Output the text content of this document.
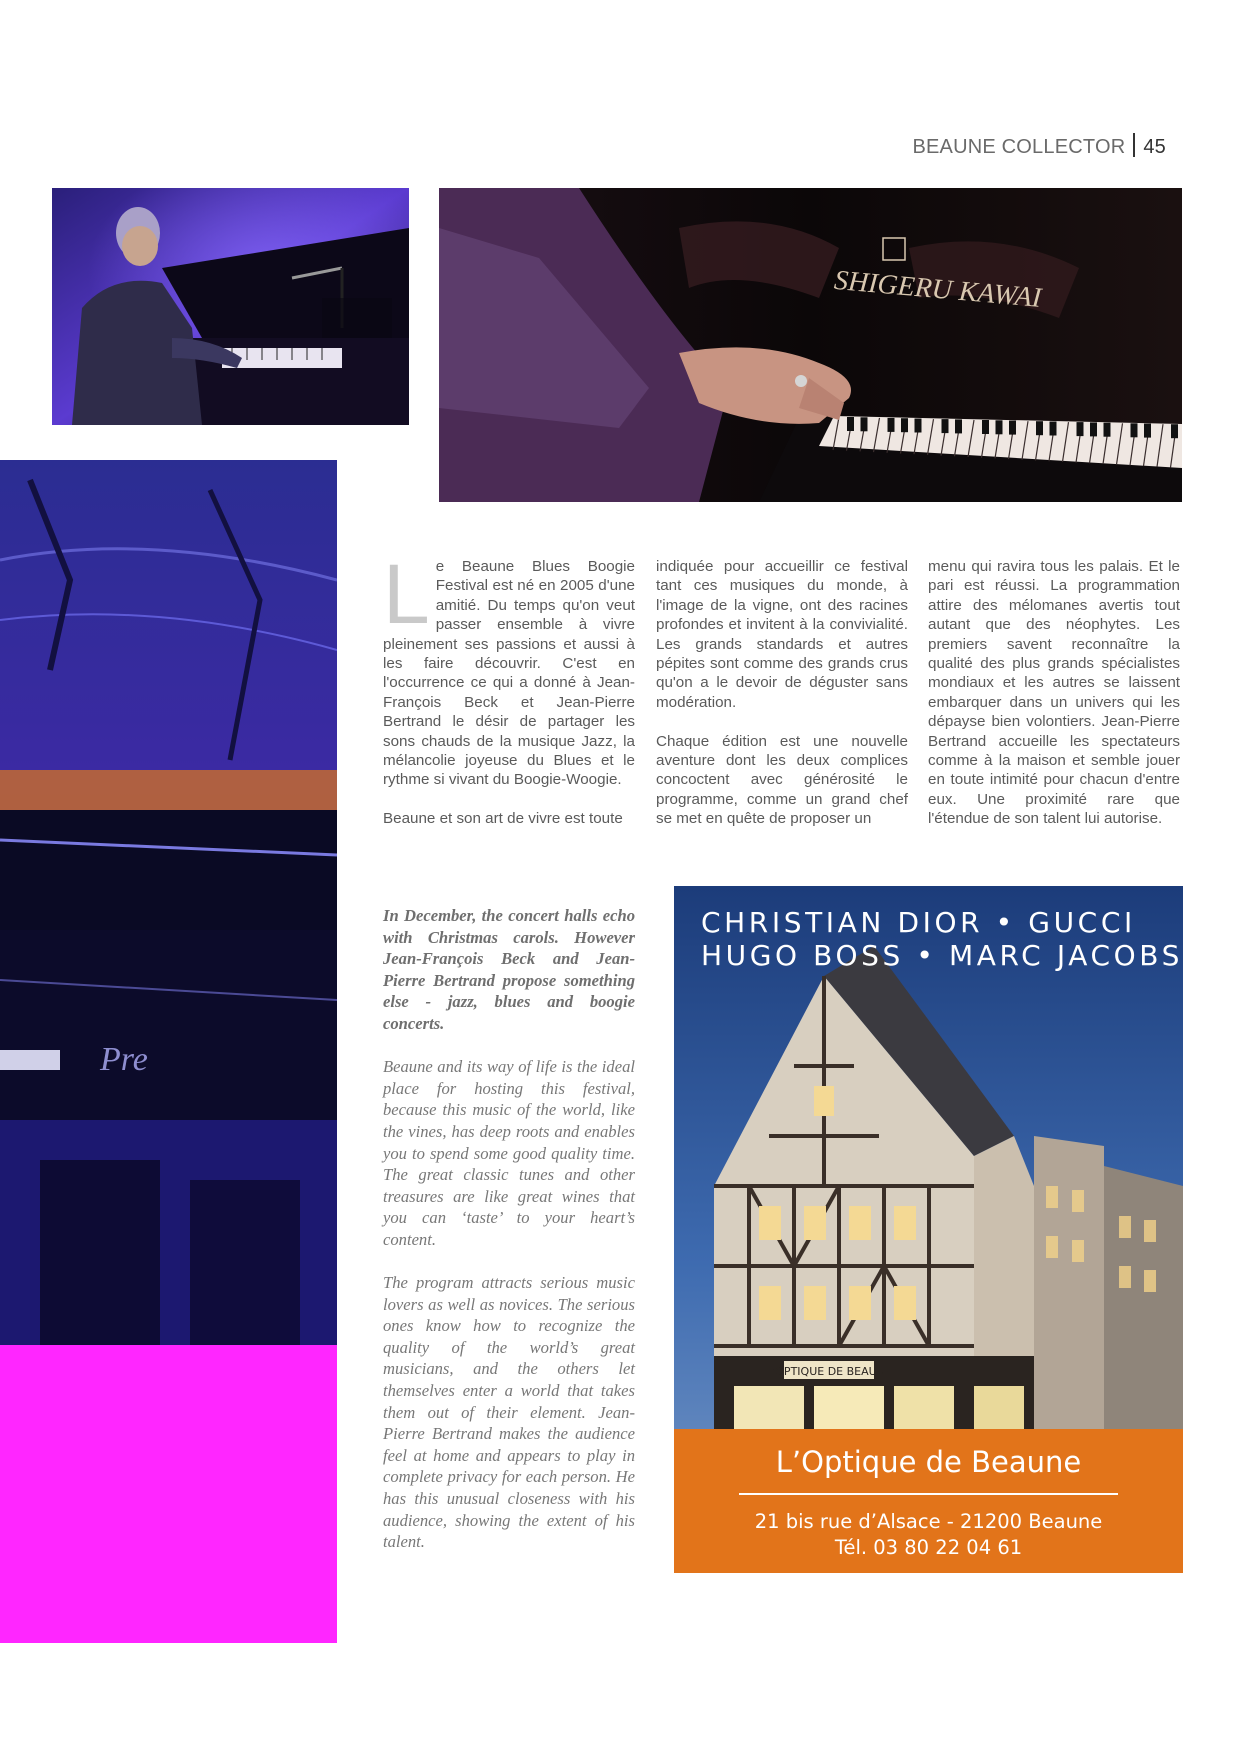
BEAUNE COLLECTOR 45
SHIGERU KAWAI
Pre

Le Beaune Blues Boogie Festival est né en 2005 d'une amitié. Du temps qu'on veut passer ensemble à vivre pleinement ses passions et aussi à les faire découvrir. C'est en l'occurrence ce qui a donné à Jean-François Beck et Jean-Pierre Bertrand le désir de partager les sons chauds de la musique Jazz, la mélancolie joyeuse du Blues et le rythme si vivant du Boogie-Woogie.

Beaune et son art de vivre est toute

indiquée pour accueillir ce festival tant ces musiques du monde, à l'image de la vigne, ont des racines profondes et invitent à la convivialité. Les grands standards et autres pépites sont comme des grands crus qu'on a le devoir de déguster sans modération.

Chaque édition est une nouvelle aventure dont les deux complices concoctent avec générosité le programme, comme un grand chef se met en quête de proposer un

menu qui ravira tous les palais. Et le pari est réussi. La programmation attire des mélomanes avertis tout autant que des néophytes. Les premiers savent reconnaître la qualité des plus grands spécialistes mondiaux et les autres se laissent embarquer dans un univers qui les dépayse bien volontiers. Jean-Pierre Bertrand accueille les spectateurs comme à la maison et semble jouer en toute intimité pour chacun d'entre eux. Une proximité rare que l'étendue de son talent lui autorise.

In December, the concert halls echo with Christmas carols. However Jean-François Beck and Jean-Pierre Bertrand propose something else - jazz, blues and boogie concerts.

Beaune and its way of life is the ideal place for hosting this festival, because this music of the world, like the vines, has deep roots and enables you to spend some good quality time. The great classic tunes and other treasures are like great wines that you can ‘taste’ to your heart’s content.

The program attracts serious music lovers as well as novices. The serious ones know how to recognize the quality of the world’s great musicians, and the others let themselves enter a world that takes them out of their element. Jean-Pierre Bertrand makes the audience feel at home and appears to play in complete privacy for each person. He has this unusual closeness with his audience, showing the extent of his talent.

L'OPTIQUE DE BEAUNE
CHRISTIAN DIOR • GUCCI
HUGO BOSS • MARC JACOBS
L’Optique de Beaune
21 bis rue d’Alsace - 21200 Beaune
Tél. 03 80 22 04 61
